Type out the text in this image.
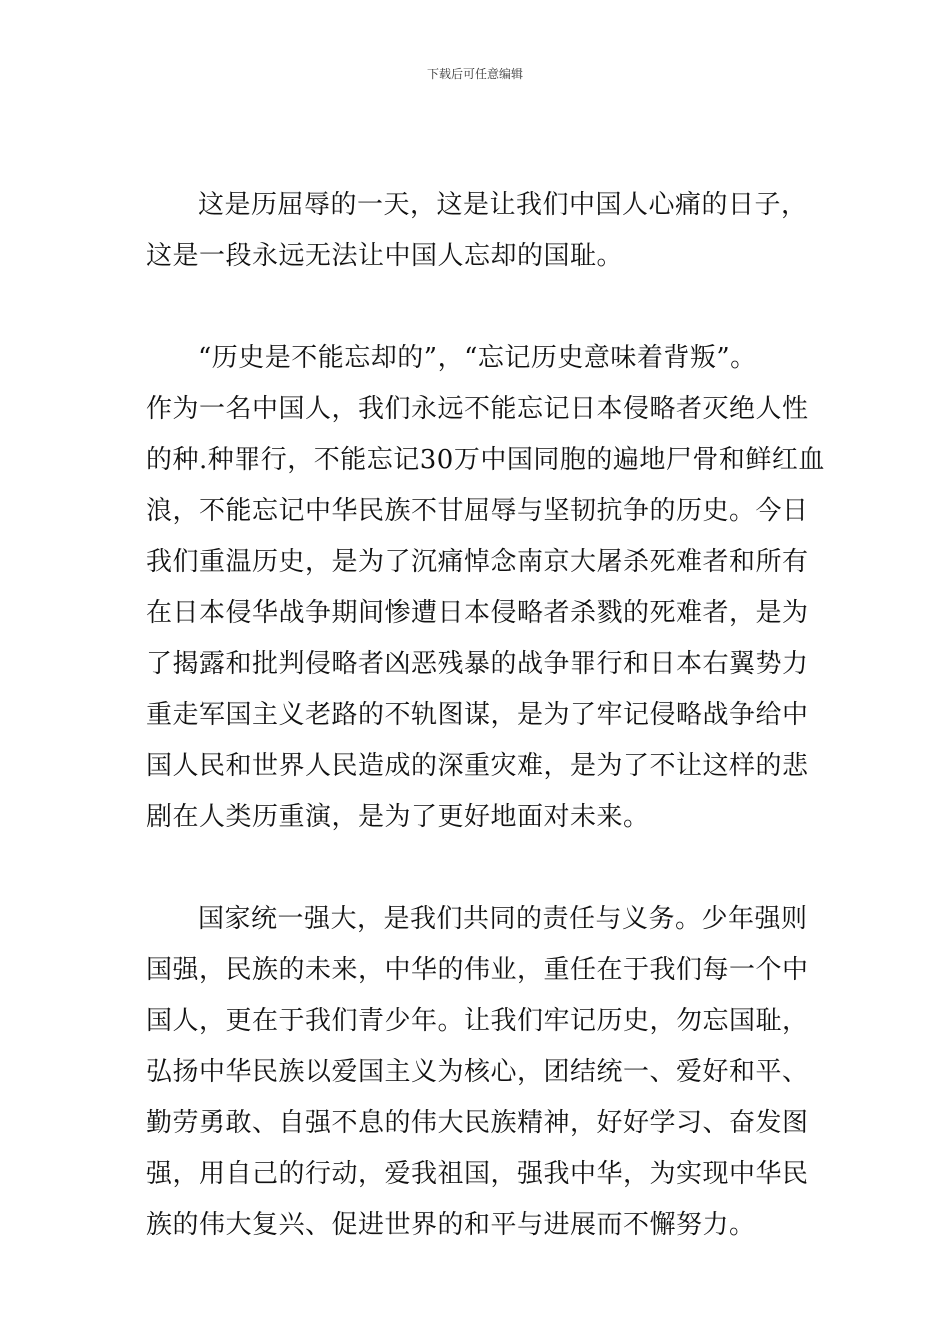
下载后可任意编辑

这是历屈辱的一天，这是让我们中国人心痛的日子，
这是一段永远无法让中国人忘却的国耻。

“历史是不能忘却的”，“忘记历史意味着背叛”。
作为一名中国人，我们永远不能忘记日本侵略者灭绝人性
的种.种罪行，不能忘记30万中国同胞的遍地尸骨和鲜红血
浪，不能忘记中华民族不甘屈辱与坚韧抗争的历史。今日
我们重温历史，是为了沉痛悼念南京大屠杀死难者和所有
在日本侵华战争期间惨遭日本侵略者杀戮的死难者，是为
了揭露和批判侵略者凶恶残暴的战争罪行和日本右翼势力
重走军国主义老路的不轨图谋，是为了牢记侵略战争给中
国人民和世界人民造成的深重灾难，是为了不让这样的悲
剧在人类历重演，是为了更好地面对未来。

国家统一强大，是我们共同的责任与义务。少年强则
国强，民族的未来，中华的伟业，重任在于我们每一个中
国人，更在于我们青少年。让我们牢记历史，勿忘国耻，
弘扬中华民族以爱国主义为核心，团结统一、爱好和平、
勤劳勇敢、自强不息的伟大民族精神，好好学习、奋发图
强，用自己的行动，爱我祖国，强我中华，为实现中华民
族的伟大复兴、促进世界的和平与进展而不懈努力。
